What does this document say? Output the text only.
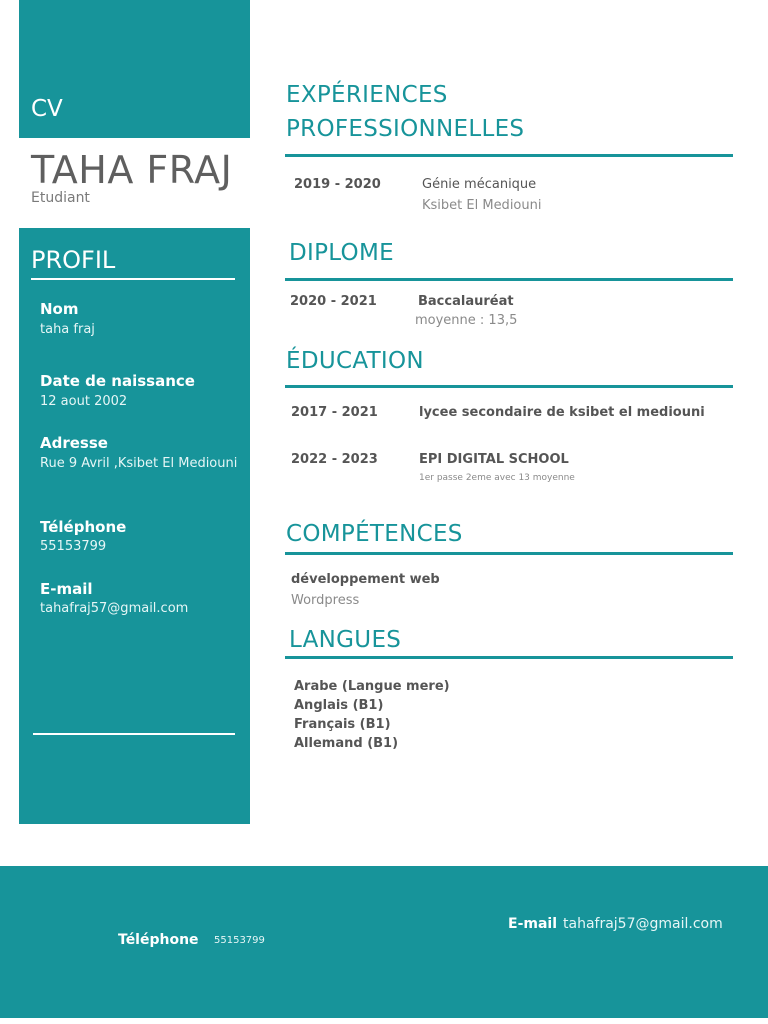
CV
TAHA FRAJ
Etudiant
PROFIL
Nom
taha fraj
Date de naissance
12 aout 2002
Adresse
Rue 9 Avril ,Ksibet El Mediouni
Téléphone
55153799
E-mail
tahafraj57@gmail.com
EXPÉRIENCES
PROFESSIONNELLES
2019 - 2020	Génie mécanique
Ksibet El Mediouni
DIPLOME
2020 - 2021	Baccalauréat
moyenne : 13,5
ÉDUCATION
2017 - 2021	lycee secondaire de ksibet el mediouni
2022 - 2023	EPI DIGITAL SCHOOL
1er passe 2eme avec 13 moyenne
COMPÉTENCES
développement web
Wordpress
LANGUES
Arabe (Langue mere)
Anglais (B1)
Français (B1)
Allemand (B1)
Téléphone 55153799
E-mail tahafraj57@gmail.com
